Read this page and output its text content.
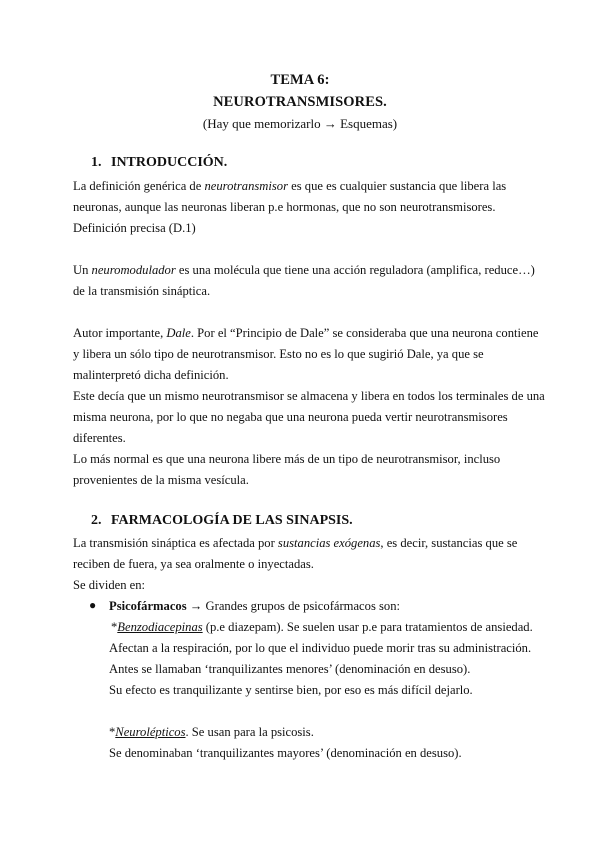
TEMA 6:
NEUROTRANSMISORES.
(Hay que memorizarlo → Esquemas)
1. INTRODUCCIÓN.
La definición genérica de neurotransmisor es que es cualquier sustancia que libera las
neuronas, aunque las neuronas liberan p.e hormonas, que no son neurotransmisores.
Definición precisa (D.1)
Un neuromodulador es una molécula que tiene una acción reguladora (amplifica, reduce…)
de la transmisión sináptica.
Autor importante, Dale. Por el “Principio de Dale” se consideraba que una neurona contiene
y libera un sólo tipo de neurotransmisor. Esto no es lo que sugirió Dale, ya que se
malinterpretó dicha definición.
Este decía que un mismo neurotransmisor se almacena y libera en todos los terminales de una
misma neurona, por lo que no negaba que una neurona pueda vertir neurotransmisores
diferentes.
Lo más normal es que una neurona libere más de un tipo de neurotransmisor, incluso
provenientes de la misma vesícula.
2. FARMACOLOGÍA DE LAS SINAPSIS.
La transmisión sináptica es afectada por sustancias exógenas, es decir, sustancias que se
reciben de fuera, ya sea oralmente o inyectadas.
Se dividen en:
● Psicofármacos → Grandes grupos de psicofármacos son:
*Benzodiacepinas (p.e diazepam). Se suelen usar p.e para tratamientos de ansiedad.
Afectan a la respiración, por lo que el individuo puede morir tras su administración.
Antes se llamaban ‘tranquilizantes menores’ (denominación en desuso).
Su efecto es tranquilizante y sentirse bien, por eso es más difícil dejarlo.
*Neurolépticos. Se usan para la psicosis.
Se denominaban ‘tranquilizantes mayores’ (denominación en desuso).
